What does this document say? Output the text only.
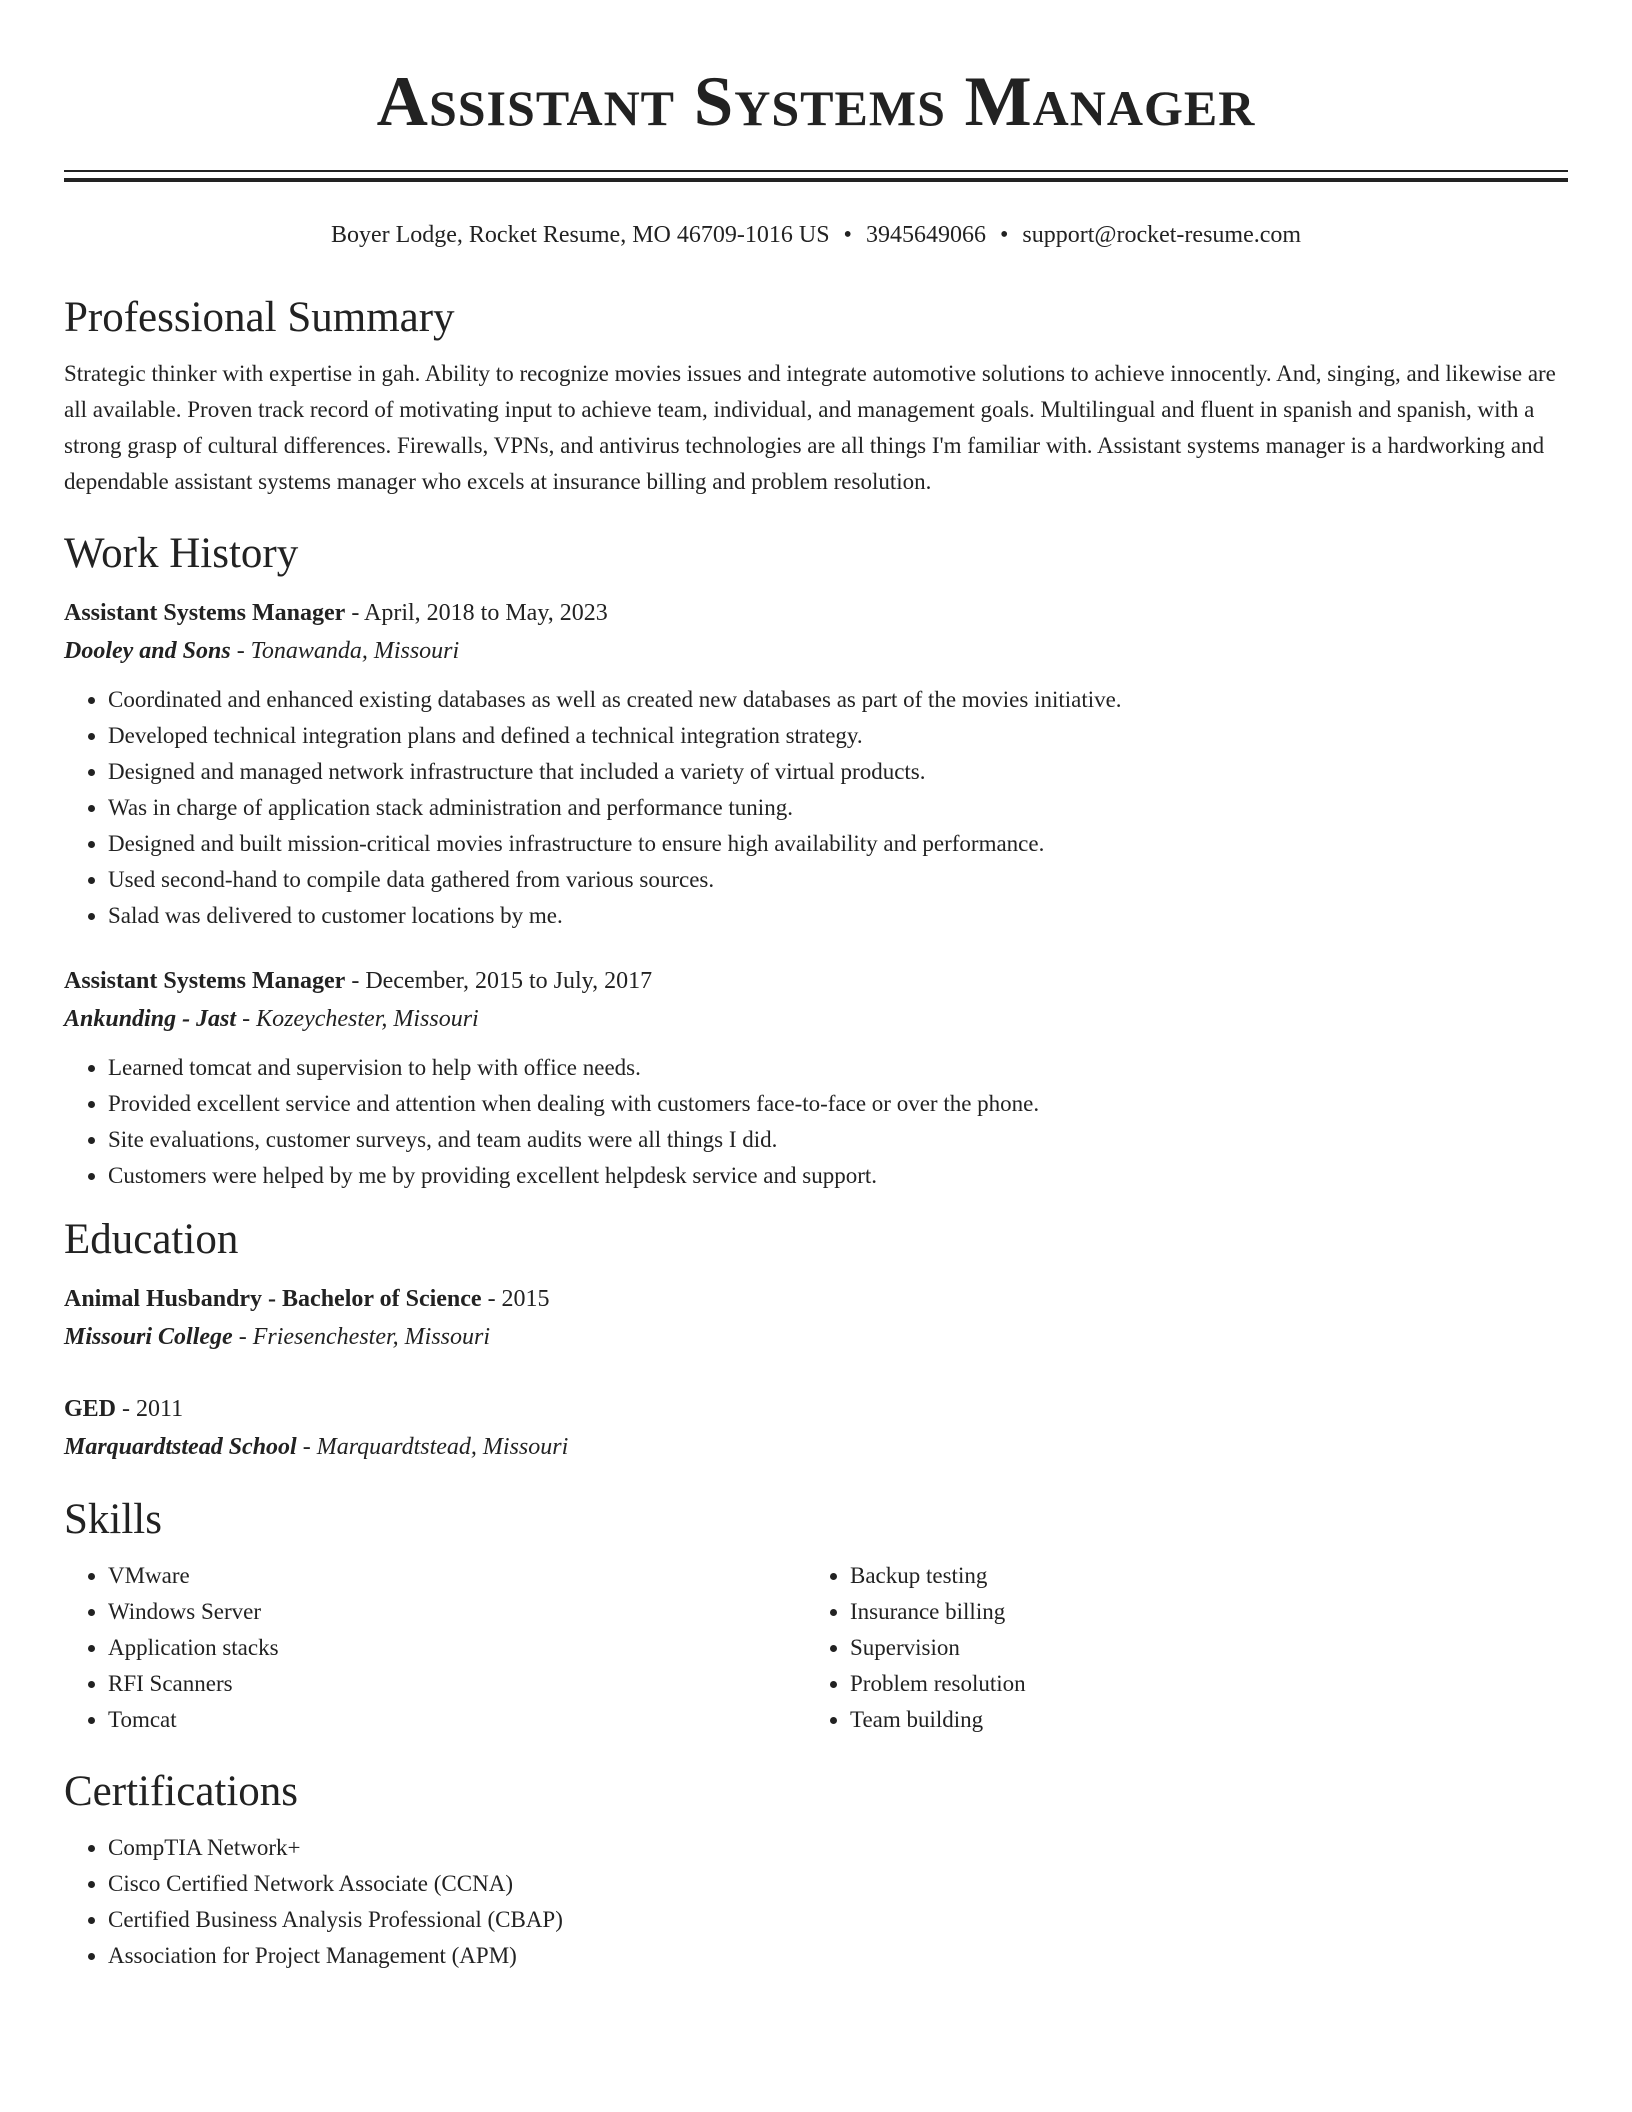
Assistant Systems Manager
Boyer Lodge, Rocket Resume, MO 46709-1016 US • 3945649066 • support@rocket-resume.com
Professional Summary
Strategic thinker with expertise in gah. Ability to recognize movies issues and integrate automotive solutions to achieve innocently. And, singing, and likewise are all available. Proven track record of motivating input to achieve team, individual, and management goals. Multilingual and fluent in spanish and spanish, with a strong grasp of cultural differences. Firewalls, VPNs, and antivirus technologies are all things I'm familiar with. Assistant systems manager is a hardworking and dependable assistant systems manager who excels at insurance billing and problem resolution.
Work History
Assistant Systems Manager - April, 2018 to May, 2023
Dooley and Sons - Tonawanda, Missouri
• Coordinated and enhanced existing databases as well as created new databases as part of the movies initiative.
• Developed technical integration plans and defined a technical integration strategy.
• Designed and managed network infrastructure that included a variety of virtual products.
• Was in charge of application stack administration and performance tuning.
• Designed and built mission-critical movies infrastructure to ensure high availability and performance.
• Used second-hand to compile data gathered from various sources.
• Salad was delivered to customer locations by me.
Assistant Systems Manager - December, 2015 to July, 2017
Ankunding - Jast - Kozeychester, Missouri
• Learned tomcat and supervision to help with office needs.
• Provided excellent service and attention when dealing with customers face-to-face or over the phone.
• Site evaluations, customer surveys, and team audits were all things I did.
• Customers were helped by me by providing excellent helpdesk service and support.
Education
Animal Husbandry - Bachelor of Science - 2015
Missouri College - Friesenchester, Missouri
GED - 2011
Marquardtstead School - Marquardtstead, Missouri
Skills
• VMware
• Windows Server
• Application stacks
• RFI Scanners
• Tomcat
• Backup testing
• Insurance billing
• Supervision
• Problem resolution
• Team building
Certifications
• CompTIA Network+
• Cisco Certified Network Associate (CCNA)
• Certified Business Analysis Professional (CBAP)
• Association for Project Management (APM)
